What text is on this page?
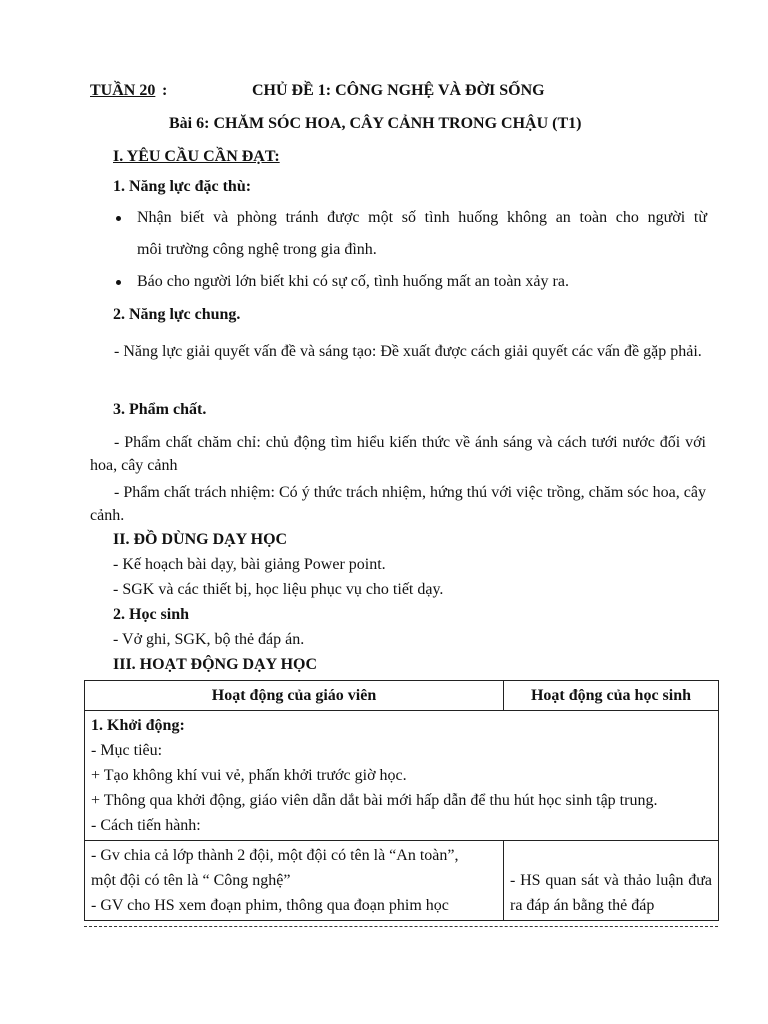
TUẦN 20 :	CHỦ ĐỀ 1: CÔNG NGHỆ VÀ ĐỜI SỐNG
Bài 6: CHĂM SÓC HOA, CÂY CẢNH TRONG CHẬU (T1)
I. YÊU CẦU CẦN ĐẠT:
1. Năng lực đặc thù:
Nhận biết và phòng tránh được một số tình huống không an toàn cho người từ
môi trường công nghệ trong gia đình.
Báo cho người lớn biết khi có sự cố, tình huống mất an toàn xảy ra.
2. Năng lực chung.
- Năng lực giải quyết vấn đề và sáng tạo: Đề xuất được cách giải quyết các vấn đề gặp phải.
3. Phẩm chất.
- Phẩm chất chăm chỉ: chủ động tìm hiểu kiến thức về ánh sáng và cách tưới nước đối với hoa, cây cảnh
- Phẩm chất trách nhiệm: Có ý thức trách nhiệm, hứng thú với việc trồng, chăm sóc hoa, cây cảnh.
II. ĐỒ DÙNG DẠY HỌC
- Kế hoạch bài dạy, bài giảng Power point.
- SGK và các thiết bị, học liệu phục vụ cho tiết dạy.
2. Học sinh
- Vở ghi, SGK, bộ thẻ đáp án.
III. HOẠT ĐỘNG DẠY HỌC
Hoạt động của giáo viên	Hoạt động của học sinh

1. Khởi động:
- Mục tiêu:
+ Tạo không khí vui vẻ, phấn khởi trước giờ học.
+ Thông qua khởi động, giáo viên dẫn dắt bài mới hấp dẫn để thu hút học sinh tập trung.
- Cách tiến hành:	

- Gv chia cả lớp thành 2 đội, một đội có tên là “An toàn”,
một đội có tên là “ Công nghệ”
- GV cho HS xem đoạn phim, thông qua đoạn phim học	- HS quan sát và thảo luận đưa ra đáp án bằng thẻ đáp
